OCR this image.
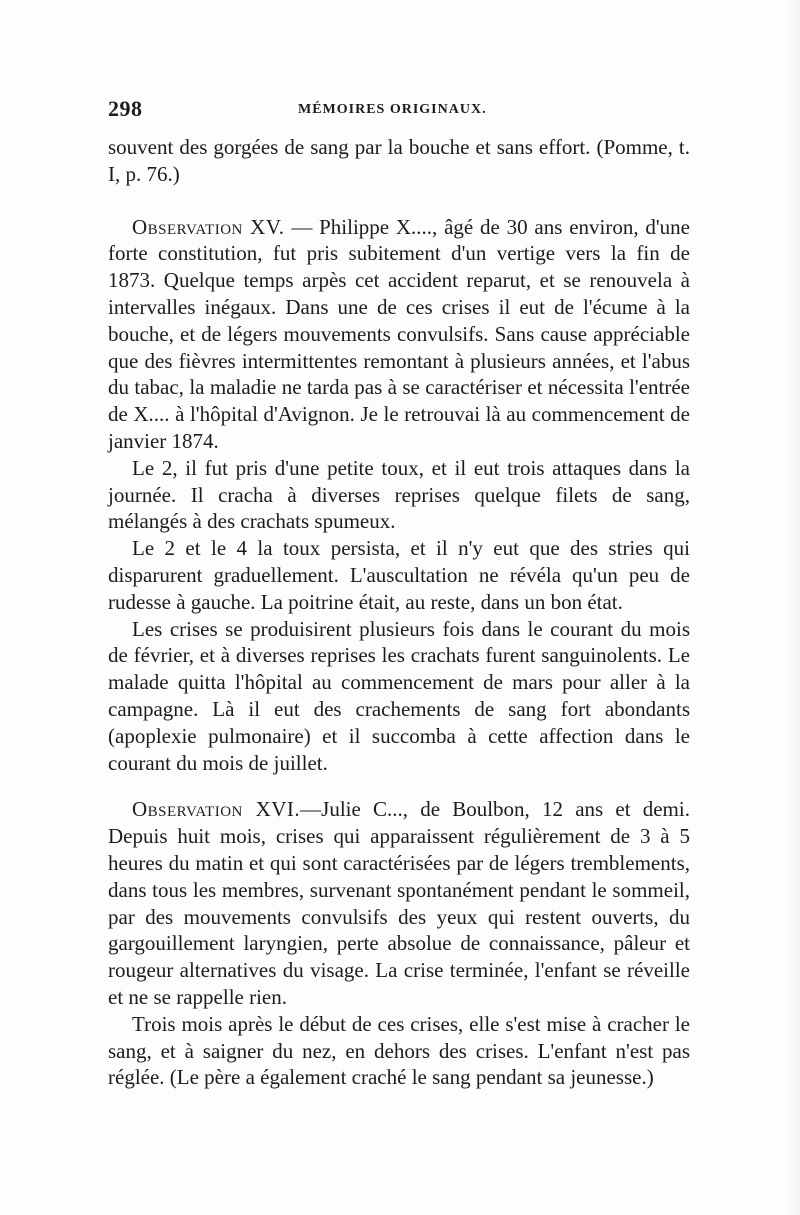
298	MÉMOIRES ORIGINAUX.

souvent des gorgées de sang par la bouche et sans effort. (Pomme, t. I, p. 76.)

Observation XV. — Philippe X...., âgé de 30 ans environ, d'une forte constitution, fut pris subitement d'un vertige vers la fin de 1873. Quelque temps arpès cet accident reparut, et se renouvela à intervalles inégaux. Dans une de ces crises il eut de l'écume à la bouche, et de légers mouvements convulsifs. Sans cause appréciable que des fièvres intermittentes remontant à plusieurs années, et l'abus du tabac, la maladie ne tarda pas à se caractériser et nécessita l'entrée de X.... à l'hôpital d'Avignon. Je le retrouvai là au commencement de janvier 1874.

Le 2, il fut pris d'une petite toux, et il eut trois attaques dans la journée. Il cracha à diverses reprises quelque filets de sang, mélangés à des crachats spumeux.

Le 2 et le 4 la toux persista, et il n'y eut que des stries qui disparurent graduellement. L'auscultation ne révéla qu'un peu de rudesse à gauche. La poitrine était, au reste, dans un bon état.

Les crises se produisirent plusieurs fois dans le courant du mois de février, et à diverses reprises les crachats furent sanguinolents. Le malade quitta l'hôpital au commencement de mars pour aller à la campagne. Là il eut des crachements de sang fort abondants (apoplexie pulmonaire) et il succomba à cette affection dans le courant du mois de juillet.

Observation XVI.—Julie C..., de Boulbon, 12 ans et demi. Depuis huit mois, crises qui apparaissent régulièrement de 3 à 5 heures du matin et qui sont caractérisées par de légers tremblements, dans tous les membres, survenant spontanément pendant le sommeil, par des mouvements convulsifs des yeux qui restent ouverts, du gargouillement laryngien, perte absolue de connaissance, pâleur et rougeur alternatives du visage. La crise terminée, l'enfant se réveille et ne se rappelle rien.

Trois mois après le début de ces crises, elle s'est mise à cracher le sang, et à saigner du nez, en dehors des crises. L'enfant n'est pas réglée. (Le père a également craché le sang pendant sa jeunesse.)
